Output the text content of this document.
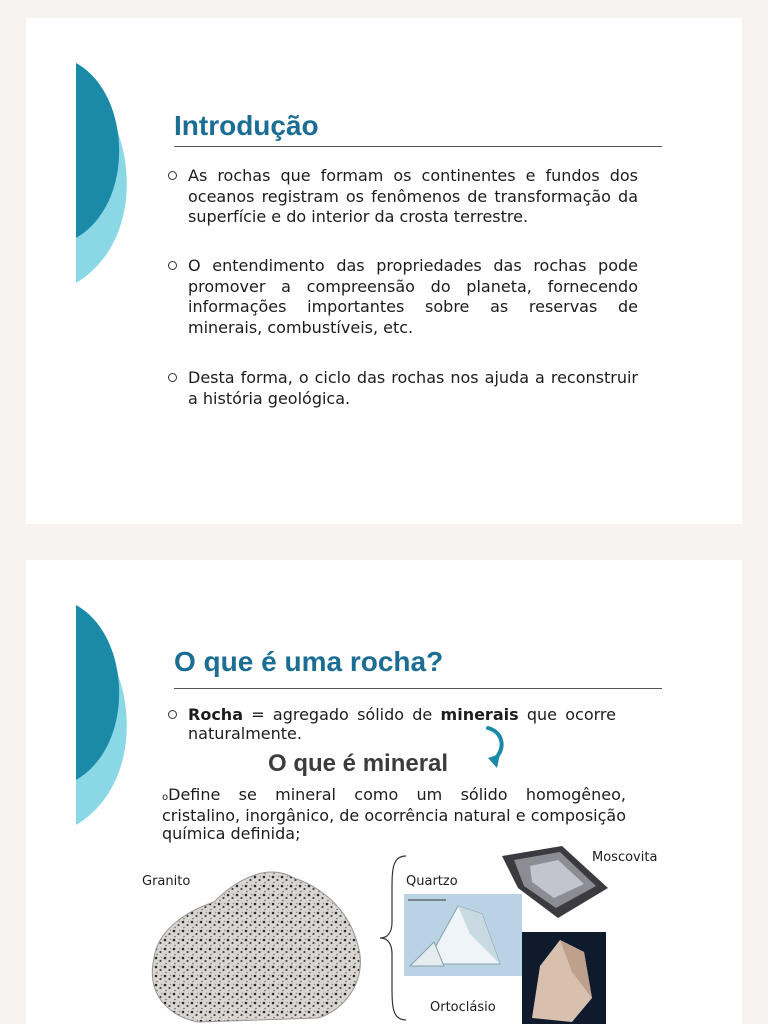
Introdução
As rochas que formam os continentes e fundos dos oceanos registram os fenômenos de transformação da superfície e do interior da crosta terrestre.
O entendimento das propriedades das rochas pode promover a compreensão do planeta, fornecendo informações importantes sobre as reservas de minerais, combustíveis, etc.
Desta forma, o ciclo das rochas nos ajuda a reconstruir a história geológica.
O que é uma rocha?
Rocha = agregado sólido de minerais que ocorre naturalmente.
O que é mineral

oDefine se mineral como um sólido homogêneo, cristalino, inorgânico, de ocorrência natural e composição química definida;

Granito	Quartzo
Moscovita
Ortoclásio
